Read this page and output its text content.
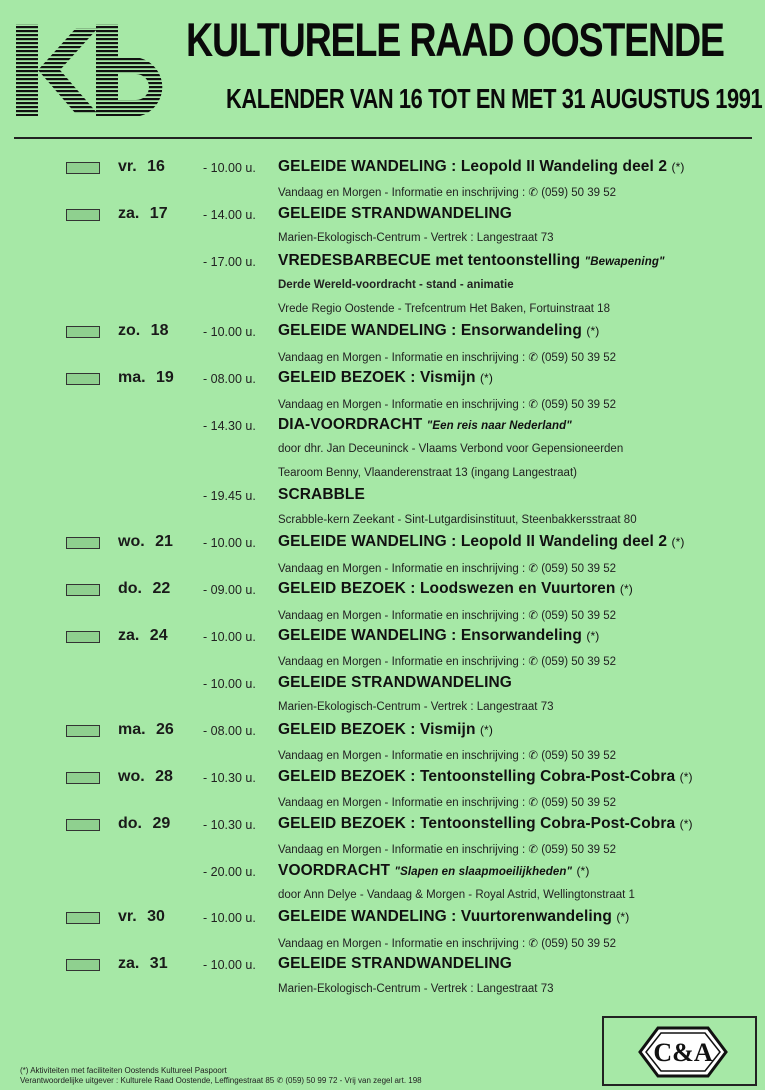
KULTURELE RAAD OOSTENDE
KALENDER VAN 16 TOT EN MET 31 AUGUSTUS 1991
vr. 16	- 10.00 u. GELEIDE WANDELING : Leopold II Wandeling deel 2 (*)
Vandaag en Morgen - Informatie en inschrijving : ✆ (059) 50 39 52
za. 17	- 14.00 u. GELEIDE STRANDWANDELING
Marien-Ekologisch-Centrum - Vertrek : Langestraat 73
- 17.00 u. VREDESBARBECUE met tentoonstelling "Bewapening"
Derde Wereld-voordracht - stand - animatie
Vrede Regio Oostende - Trefcentrum Het Baken, Fortuinstraat 18
zo. 18	- 10.00 u. GELEIDE WANDELING : Ensorwandeling (*)
Vandaag en Morgen - Informatie en inschrijving : ✆ (059) 50 39 52
ma. 19 - 08.00 u. GELEID BEZOEK : Vismijn (*)
Vandaag en Morgen - Informatie en inschrijving : ✆ (059) 50 39 52
- 14.30 u. DIA-VOORDRACHT "Een reis naar Nederland"
door dhr. Jan Deceuninck - Vlaams Verbond voor Gepensioneerden
Tearoom Benny, Vlaanderenstraat 13 (ingang Langestraat)
- 19.45 u. SCRABBLE
Scrabble-kern Zeekant - Sint-Lutgardisinstituut, Steenbakkersstraat 80
wo. 21 - 10.00 u. GELEIDE WANDELING : Leopold II Wandeling deel 2 (*)
Vandaag en Morgen - Informatie en inschrijving : ✆ (059) 50 39 52
do. 22	- 09.00 u. GELEID BEZOEK : Loodswezen en Vuurtoren (*)
Vandaag en Morgen - Informatie en inschrijving : ✆ (059) 50 39 52
za. 24	- 10.00 u. GELEIDE WANDELING : Ensorwandeling (*)
Vandaag en Morgen - Informatie en inschrijving : ✆ (059) 50 39 52
- 10.00 u. GELEIDE STRANDWANDELING
Marien-Ekologisch-Centrum - Vertrek : Langestraat 73
ma. 26 - 08.00 u. GELEID BEZOEK : Vismijn (*)
Vandaag en Morgen - Informatie en inschrijving : ✆ (059) 50 39 52
wo. 28 - 10.30 u. GELEID BEZOEK : Tentoonstelling Cobra-Post-Cobra (*)
Vandaag en Morgen - Informatie en inschrijving : ✆ (059) 50 39 52
do. 29	- 10.30 u. GELEID BEZOEK : Tentoonstelling Cobra-Post-Cobra (*)
Vandaag en Morgen - Informatie en inschrijving : ✆ (059) 50 39 52
- 20.00 u. VOORDRACHT "Slapen en slaapmoeilijkheden" (*)
door Ann Delye - Vandaag & Morgen - Royal Astrid, Wellingtonstraat 1
vr. 30	- 10.00 u. GELEIDE WANDELING : Vuurtorenwandeling (*)
Vandaag en Morgen - Informatie en inschrijving : ✆ (059) 50 39 52
za. 31	- 10.00 u. GELEIDE STRANDWANDELING
Marien-Ekologisch-Centrum - Vertrek : Langestraat 73
(*) Aktiviteiten met faciliteiten Oostends Kultureel Paspoort
Verantwoordelijke uitgever : Kulturele Raad Oostende, Leffingestraat 85 ✆ (059) 50 99 72 - Vrij van zegel art. 198
C&A
